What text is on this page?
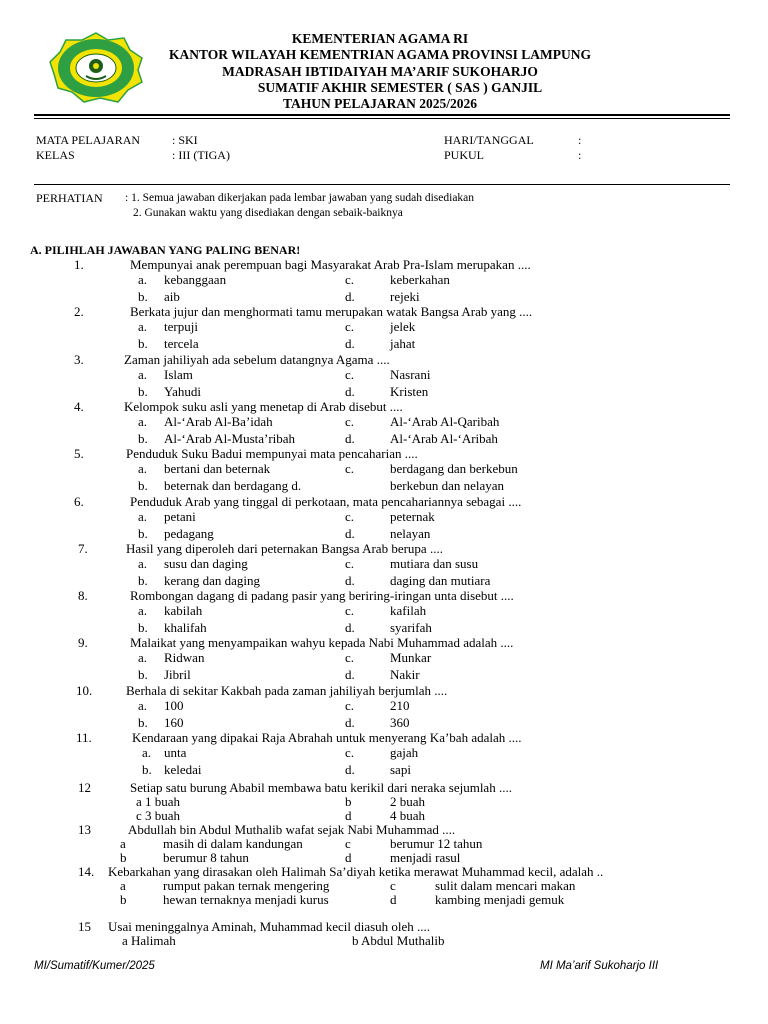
KEMENTERIAN AGAMA RI
KANTOR WILAYAH KEMENTRIAN AGAMA PROVINSI LAMPUNG
MADRASAH IBTIDAIYAH MA’ARIF SUKOHARJO
SUMATIF AKHIR SEMESTER ( SAS ) GANJIL
TAHUN PELAJARAN 2025/2026
MATA PELAJARAN	: SKI	HARI/TANGGAL	:
KELAS	: III (TIGA)	PUKUL	:
PERHATIAN : 1. Semua jawaban dikerjakan pada lembar jawaban yang sudah disediakan
2. Gunakan waktu yang disediakan dengan sebaik-baiknya
A. PILIHLAH JAWABAN YANG PALING BENAR!
1.	Mempunyai anak perempuan bagi Masyarakat Arab Pra-Islam merupakan ....
a. kebanggaan	c.	keberkahan
b. aib	d.	rejeki
2.	Berkata jujur dan menghormati tamu merupakan watak Bangsa Arab yang ....
a. terpuji	c.	jelek
b. tercela	d.	jahat
3.	Zaman jahiliyah ada sebelum datangnya Agama ....
a. Islam	c.	Nasrani
b. Yahudi	d.	Kristen
4.	Kelompok suku asli yang menetap di Arab disebut ....
a. Al-‘Arab Al-Ba’idah	c.	Al-‘Arab Al-Qaribah
b. Al-‘Arab Al-Musta’ribah	d.	Al-‘Arab Al-‘Aribah
5.	Penduduk Suku Badui mempunyai mata pencaharian ....
a. bertani dan beternak	c.	berdagang dan berkebun
b. beternak dan berdagang d.	berkebun dan nelayan
6.	Penduduk Arab yang tinggal di perkotaan, mata pencahariannya sebagai ....
a. petani	c.	peternak
b. pedagang	d.	nelayan
7.	Hasil yang diperoleh dari peternakan Bangsa Arab berupa ....
a. susu dan daging	c.	mutiara dan susu
b. kerang dan daging	d.	daging dan mutiara
8.	Rombongan dagang di padang pasir yang beriring-iringan unta disebut ....
a. kabilah	c.	kafilah
b. khalifah	d.	syarifah
9.	Malaikat yang menyampaikan wahyu kepada Nabi Muhammad adalah ....
a. Ridwan	c.	Munkar
b. Jibril	d.	Nakir
10.	Berhala di sekitar Kakbah pada zaman jahiliyah berjumlah ....
a. 100	c.	210
b. 160	d.	360
11.	Kendaraan yang dipakai Raja Abrahah untuk menyerang Ka’bah adalah ....
a. unta	c.	gajah
b. keledai	d.	sapi
12	Setiap satu burung Ababil membawa batu kerikil dari neraka sejumlah ....
a 1 buah	b	2 buah
c 3 buah	d	4 buah
13	Abdullah bin Abdul Muthalib wafat sejak Nabi Muhammad ....
a	masih di dalam kandungan	c	berumur 12 tahun
b	berumur 8 tahun	d	menjadi rasul
14. Kebarkahan yang dirasakan oleh Halimah Sa’diyah ketika merawat Muhammad kecil, adalah ..
a	rumput pakan ternak mengering	c	sulit dalam mencari makan
b	hewan ternaknya menjadi kurus	d	kambing menjadi gemuk
15 Usai meninggalnya Aminah, Muhammad kecil diasuh oleh ....
a Halimah	b Abdul Muthalib
MI/Sumatif/Kumer/2025	MI Ma’arif Sukoharjo III
